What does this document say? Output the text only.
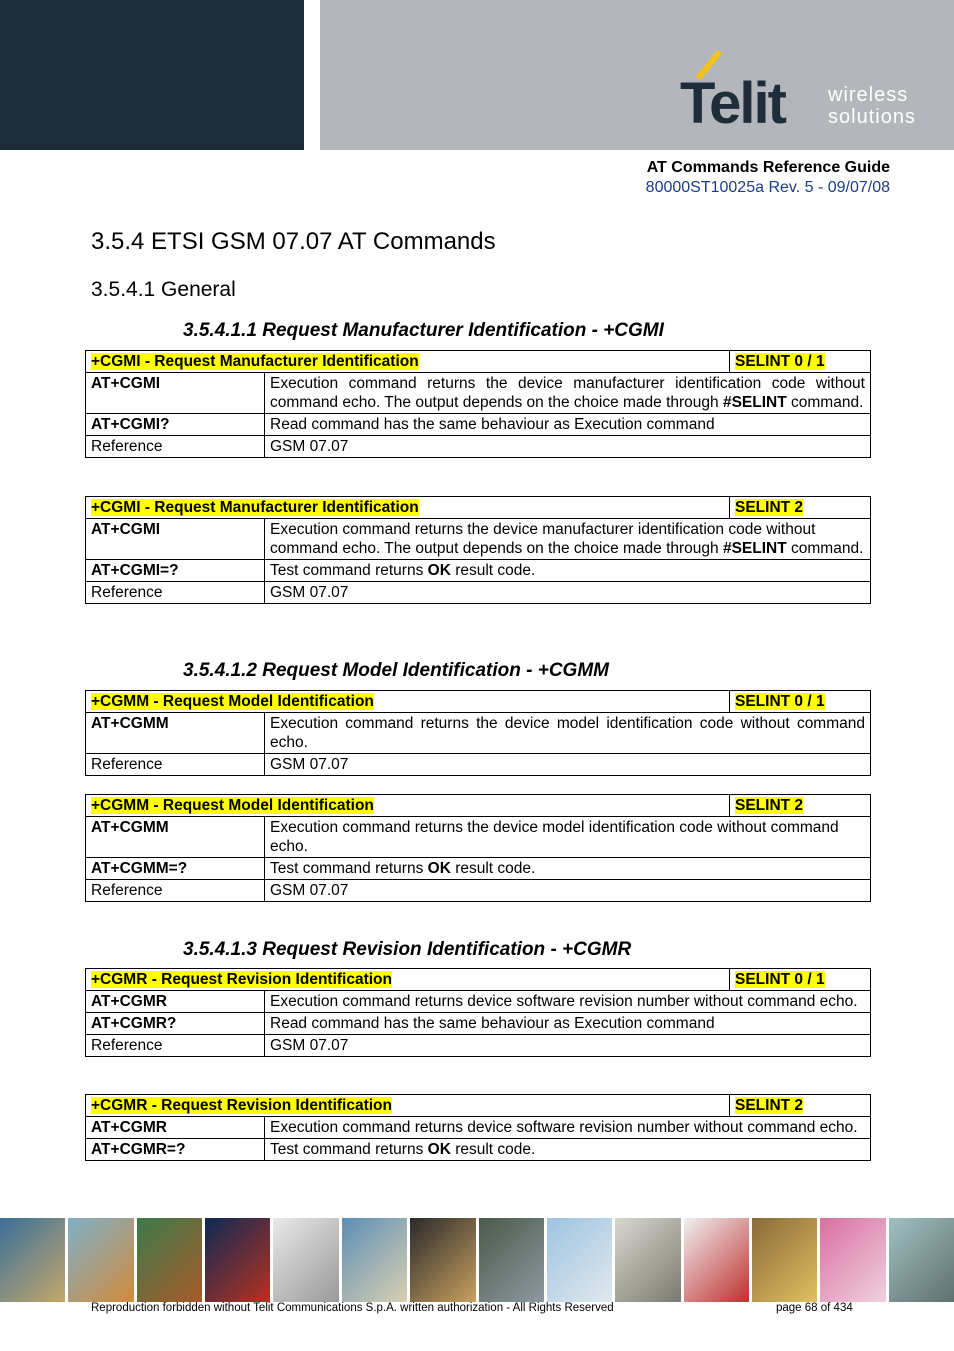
Telit wireless
solutions
AT Commands Reference Guide
80000ST10025a Rev. 5 - 09/07/08
3.5.4 ETSI GSM 07.07 AT Commands
3.5.4.1 General
3.5.4.1.1 Request Manufacturer Identification - +CGMI
+CGMI - Request Manufacturer Identification		SELINT 0 / 1
AT+CGMI	Execution command returns the device manufacturer identification code without command echo. The output depends on the choice made through #SELINT command.	
AT+CGMI?	Read command has the same behaviour as Execution command	
Reference	GSM 07.07	
+CGMI - Request Manufacturer Identification		SELINT 2
AT+CGMI	Execution command returns the device manufacturer identification code without command echo. The output depends on the choice made through #SELINT command.	
AT+CGMI=?	Test command returns OK result code.	
Reference	GSM 07.07	
3.5.4.1.2 Request Model Identification - +CGMM
+CGMM - Request Model Identification		SELINT 0 / 1
AT+CGMM	Execution command returns the device model identification code without command echo.	
Reference	GSM 07.07	
+CGMM - Request Model Identification		SELINT 2
AT+CGMM	Execution command returns the device model identification code without command echo.	
AT+CGMM=?	Test command returns OK result code.	
Reference	GSM 07.07	
3.5.4.1.3 Request Revision Identification - +CGMR
+CGMR - Request Revision Identification		SELINT 0 / 1
AT+CGMR	Execution command returns device software revision number without command echo.	
AT+CGMR?	Read command has the same behaviour as Execution command	
Reference	GSM 07.07	
+CGMR - Request Revision Identification		SELINT 2
AT+CGMR	Execution command returns device software revision number without command echo.	
AT+CGMR=?	Test command returns OK result code.	
Reproduction forbidden without Telit Communications S.p.A. written authorization - All Rights Reserved	page 68 of 434
